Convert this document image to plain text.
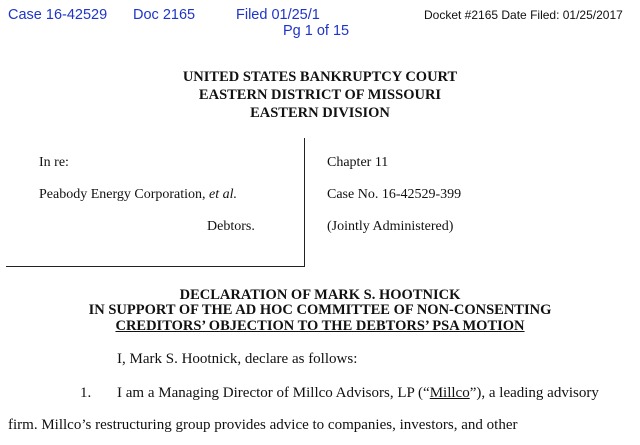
Case 16-42529 Doc 2165	Filed 01/25/1
Pg 1 of 15
Docket #2165 Date Filed: 01/25/2017
UNITED STATES BANKRUPTCY COURT
EASTERN DISTRICT OF MISSOURI
EASTERN DIVISION
In re:
Peabody Energy Corporation, et al.
Debtors.
Chapter 11
Case No. 16-42529-399
(Jointly Administered)
DECLARATION OF MARK S. HOOTNICK
IN SUPPORT OF THE AD HOC COMMITTEE OF NON-CONSENTING
CREDITORS’ OBJECTION TO THE DEBTORS’ PSA MOTION
I, Mark S. Hootnick, declare as follows:
1. I am a Managing Director of Millco Advisors, LP (“Millco”), a leading advisory
firm. Millco’s restructuring group provides advice to companies, investors, and other
